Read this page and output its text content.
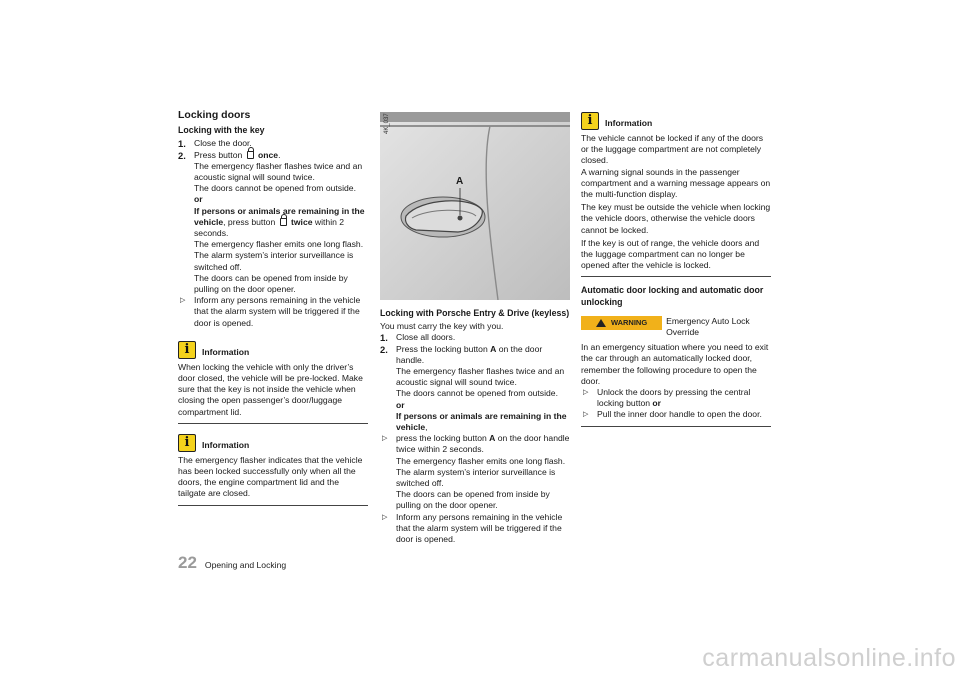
Locking doors
Locking with the key
1. Close the door.
2. Press button once.

The emergency flasher flashes twice and an acoustic signal will sound twice.

The doors cannot be opened from outside.

or

If persons or animals are remaining in the vehicle, press button twice within 2 seconds.

The emergency flasher emits one long flash.

The alarm system’s interior surveillance is switched off.

The doors can be opened from inside by pulling on the door opener.

▷ Inform any persons remaining in the vehicle that the alarm system will be triggered if the door is opened.
i Information

When locking the vehicle with only the driver’s door closed, the vehicle will be pre-locked. Make sure that the key is not inside the vehicle when closing the open passenger’s door/luggage compartment lid.

i Information

The emergency flasher indicates that the vehicle has been locked successfully only when all the doors, the engine compartment lid and the tailgate are closed.

4K_037
A
Locking with Porsche Entry & Drive (keyless)

You must carry the key with you.

1. Close all doors.
2. Press the locking button A on the door handle.

The emergency flasher flashes twice and an acoustic signal will sound twice.

The doors cannot be opened from outside.

or

If persons or animals are remaining in the vehicle,

▷ press the locking button A on the door handle twice within 2 seconds.

The emergency flasher emits one long flash.

The alarm system’s interior surveillance is switched off.

The doors can be opened from inside by pulling on the door opener.

▷ Inform any persons remaining in the vehicle that the alarm system will be triggered if the door is opened.
i Information

The vehicle cannot be locked if any of the doors or the luggage compartment are not completely closed.

A warning signal sounds in the passenger compartment and a warning message appears on the multi-function display.

The key must be outside the vehicle when locking the vehicle doors, otherwise the vehicle doors cannot be locked.

If the key is out of range, the vehicle doors and the luggage compartment can no longer be opened after the vehicle is locked.

Automatic door locking and automatic door unlocking
WARNING Emergency Auto Lock Override

In an emergency situation where you need to exit the car through an automatically locked door, remember the following procedure to open the door.

▷ Unlock the doors by pressing the central locking button or
▷ Pull the inner door handle to open the door.
22 Opening and Locking
carmanualsonline.info
